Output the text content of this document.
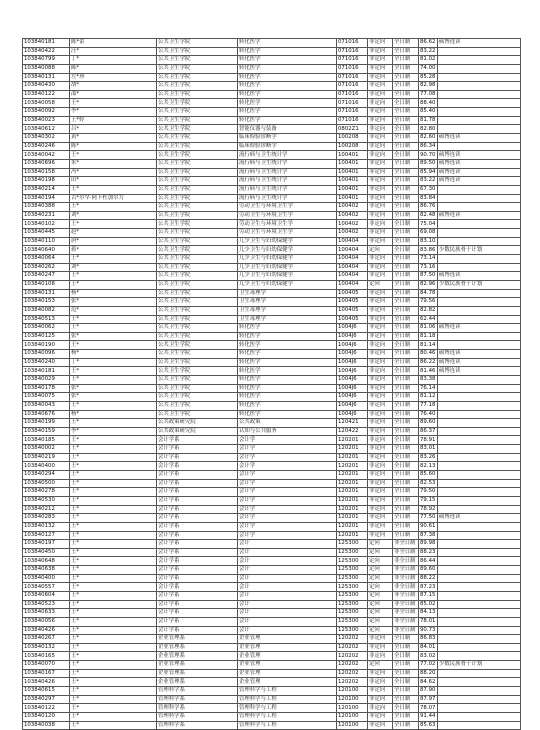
103840181	陈*蕾	公共卫生学院	转化医学	071016	非定向	全日制	86.62	硕博连读
103840422	汪*	公共卫生学院	转化医学	071016	非定向	全日制	83.22	
103840799	丁*	公共卫生学院	转化医学	071016	非定向	全日制	81.02	
103840088	陈*	公共卫生学院	转化医学	071016	非定向	全日制	74.00	
103840131	左*珍	公共卫生学院	转化医学	071016	非定向	全日制	85.28	
103840430	胡*	公共卫生学院	转化医学	071016	非定向	全日制	82.98	
103840122	邵*	公共卫生学院	转化医学	071016	非定向	全日制	77.08	
103840058	王*	公共卫生学院	转化医学	071016	非定向	全日制	88.40	
103840092	李*	公共卫生学院	转化医学	071016	非定向	全日制	85.40	
103840023	王*婷	公共卫生学院	转化医学	071016	非定向	全日制	81.78	
103840612	吕*	公共卫生学院	智能仪器与装备	0802Z1	非定向	全日制	82.80	
103840302	黄*	公共卫生学院	临床检验诊断学	100208	非定向	全日制	82.60	硕博连读
103840246	陈*	公共卫生学院	临床检验诊断学	100208	非定向	全日制	86.34	
103840042	王*	公共卫生学院	流行病与卫生统计学	100401	非定向	全日制	90.70	硕博连读
103840696	朱*	公共卫生学院	流行病与卫生统计学	100401	非定向	全日制	89.50	硕博连读
103840158	冯*	公共卫生学院	流行病与卫生统计学	100401	非定向	全日制	85.94	硕博连读
103840198	田*	公共卫生学院	流行病与卫生统计学	100401	非定向	全日制	83.22	硕博连读
103840214	王*	公共卫生学院	流行病与卫生统计学	100401	非定向	全日制	67.30	
103840194	古*尔罕·阿卜杜加尔力	公共卫生学院	流行病与卫生统计学	100401	非定向	全日制	83.84	
103840388	王*	公共卫生学院	劳动卫生与环境卫生学	100402	非定向	全日制	86.76	
103840231	刘*	公共卫生学院	劳动卫生与环境卫生学	100402	非定向	全日制	82.48	硕博连读
103840102	王*	公共卫生学院	劳动卫生与环境卫生学	100402	非定向	全日制	75.04	
103840445	赵*	公共卫生学院	劳动卫生与环境卫生学	100402	非定向	全日制	69.08	
103840110	唐*	公共卫生学院	儿少卫生与妇幼保健学	100404	非定向	全日制	83.10	
103840640	蒋*	公共卫生学院	儿少卫生与妇幼保健学	100404	定向	全日制	83.86	少数民族骨干计划
103840064	王*	公共卫生学院	儿少卫生与妇幼保健学	100404	非定向	全日制	73.14	
103840262	刘*	公共卫生学院	儿少卫生与妇幼保健学	100404	非定向	全日制	73.16	
103840247	王*	公共卫生学院	儿少卫生与妇幼保健学	100404	非定向	全日制	87.50	硕博连读
103840108	王*	公共卫生学院	儿少卫生与妇幼保健学	100404	定向	全日制	82.96	少数民族骨干计划
103840131	杨*	公共卫生学院	卫生毒理学	100405	非定向	全日制	84.78	
103840153	张*	公共卫生学院	卫生毒理学	100405	非定向	全日制	79.56	
103840082	范*	公共卫生学院	卫生毒理学	100405	非定向	全日制	82.82	
103840513	王*	公共卫生学院	卫生毒理学	100405	非定向	全日制	62.44	
103840062	王*	公共卫生学院	转化医学	1004J6	非定向	全日制	81.06	硕博连读
103840125	张*	公共卫生学院	转化医学	1004J6	非定向	全日制	81.18	
103840190	王*	公共卫生学院	转化医学	1004J6	非定向	全日制	81.14	
103840096	杨*	公共卫生学院	转化医学	1004J6	非定向	全日制	80.46	硕博连读
103840240	丁*	公共卫生学院	转化医学	1004J6	非定向	全日制	86.22	硕博连读
103840181	王*	公共卫生学院	转化医学	1004J6	非定向	全日制	81.46	硕博连读
103840029	王*	公共卫生学院	转化医学	1004J6	非定向	全日制	83.38	
103840178	张*	公共卫生学院	转化医学	1004J6	非定向	全日制	76.14	
103840075	张*	公共卫生学院	转化医学	1004J6	非定向	全日制	81.12	
103840043	王*	公共卫生学院	转化医学	1004J6	非定向	全日制	77.18	
103840676	杨*	公共卫生学院	转化医学	1004J6	非定向	全日制	76.40	
103840199	王*	公共政策研究院	公共政策	120421	非定向	全日制	89.60	
103840159	李*	公共政策研究院	认知与公共服务	120422	非定向	全日制	86.37	
103840185	王*	会计学系	会计学	120201	非定向	全日制	78.91	
103840002	王*	会计学系	会计学	120201	非定向	全日制	83.01	
103840219	王*	会计学系	会计学	120201	非定向	全日制	83.26	
103840400	王*	会计学系	会计学	120201	非定向	全日制	82.13	
103840294	王*	会计学系	会计学	120201	非定向	全日制	85.60	
103840500	王*	会计学系	会计学	120201	非定向	全日制	82.53	
103840278	王*	会计学系	会计学	120201	非定向	全日制	79.50	
103840530	王*	会计学系	会计学	120201	非定向	全日制	79.15	
103840212	王*	会计学系	会计学	120201	非定向	全日制	78.92	
103840283	王*	会计学系	会计学	120201	非定向	全日制	77.50	硕博连读
103840132	王*	会计学系	会计学	120201	非定向	全日制	90.61	
103840127	王*	会计学系	会计学	120201	非定向	全日制	87.38	
103840197	王*	会计学系	会计	125300	定向	非全日制	89.98	
103840450	王*	会计学系	会计	125300	定向	非全日制	88.23	
103840648	王*	会计学系	会计	125300	定向	非全日制	86.44	
103840638	王*	会计学系	会计	125300	定向	非全日制	89.60	
103840400	王*	会计学系	会计	125300	定向	非全日制	88.22	
103840557	王*	会计学系	会计	125300	定向	非全日制	87.23	
103840604	王*	会计学系	会计	125300	定向	非全日制	87.15	
103840523	王*	会计学系	会计	125300	定向	非全日制	85.02	
103840633	王*	会计学系	会计	125300	定向	非全日制	84.13	
103840056	王*	会计学系	会计	125300	定向	非全日制	78.01	
103840426	王*	会计学系	会计	125300	定向	非全日制	90.73	
103840267	王*	企业管理系	企业管理	120202	非定向	全日制	86.83	
103840132	王*	企业管理系	企业管理	120202	非定向	全日制	84.01	
103840165	王*	企业管理系	企业管理	120202	非定向	全日制	83.02	
103840070	王*	企业管理系	企业管理	120202	定向	全日制	77.02	少数民族骨干计划
103840167	王*	企业管理系	企业管理	120202	非定向	全日制	88.20	
103840426	王*	企业管理系	企业管理	120202	非定向	全日制	84.62	
103840615	王*	管理科学系	管理科学与工程	120100	非定向	全日制	87.90	
103840297	王*	管理科学系	管理科学与工程	120100	非定向	全日制	87.97	
103840122	王*	管理科学系	管理科学与工程	120100	非定向	全日制	78.07	
103840120	王*	管理科学系	管理科学与工程	120100	非定向	全日制	91.44	
103840038	王*	管理科学系	管理科学与工程	120100	非定向	全日制	85.63	
